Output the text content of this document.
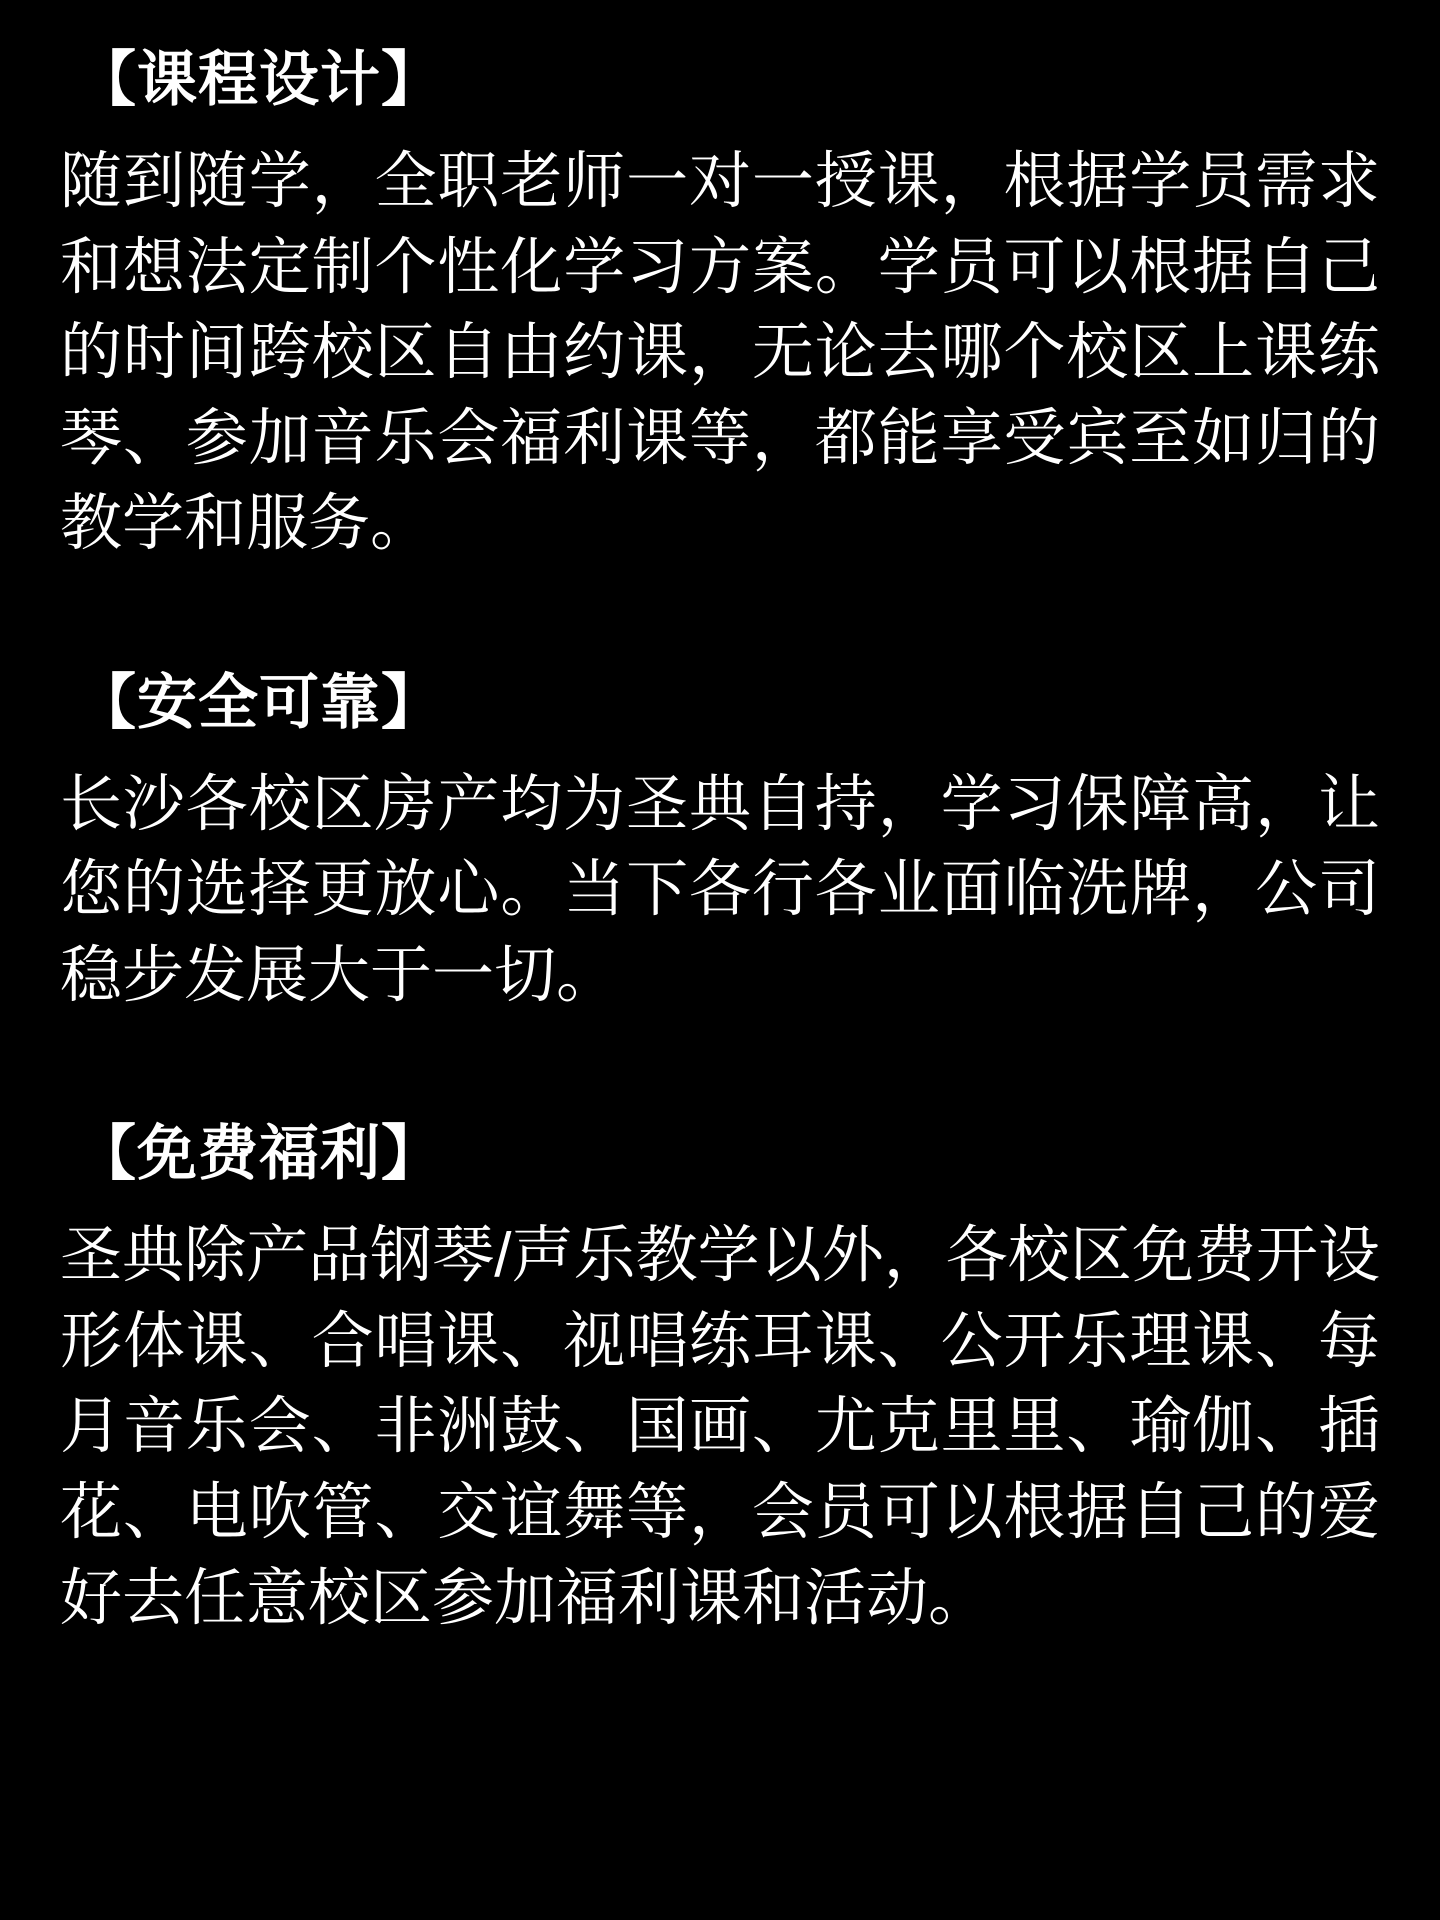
【课程设计】

随到随学，全职老师一对一授课，根据学员需求和想法定制个性化学习方案。学员可以根据自己的时间跨校区自由约课，无论去哪个校区上课练琴、参加音乐会福利课等，都能享受宾至如归的教学和服务。

【安全可靠】

长沙各校区房产均为圣典自持，学习保障高，让您的选择更放心。当下各行各业面临洗牌，公司稳步发展大于一切。

【免费福利】

圣典除产品钢琴/声乐教学以外，各校区免费开设形体课、合唱课、视唱练耳课、公开乐理课、每月音乐会、非洲鼓、国画、尤克里里、瑜伽、插花、电吹管、交谊舞等，会员可以根据自己的爱好去任意校区参加福利课和活动。
